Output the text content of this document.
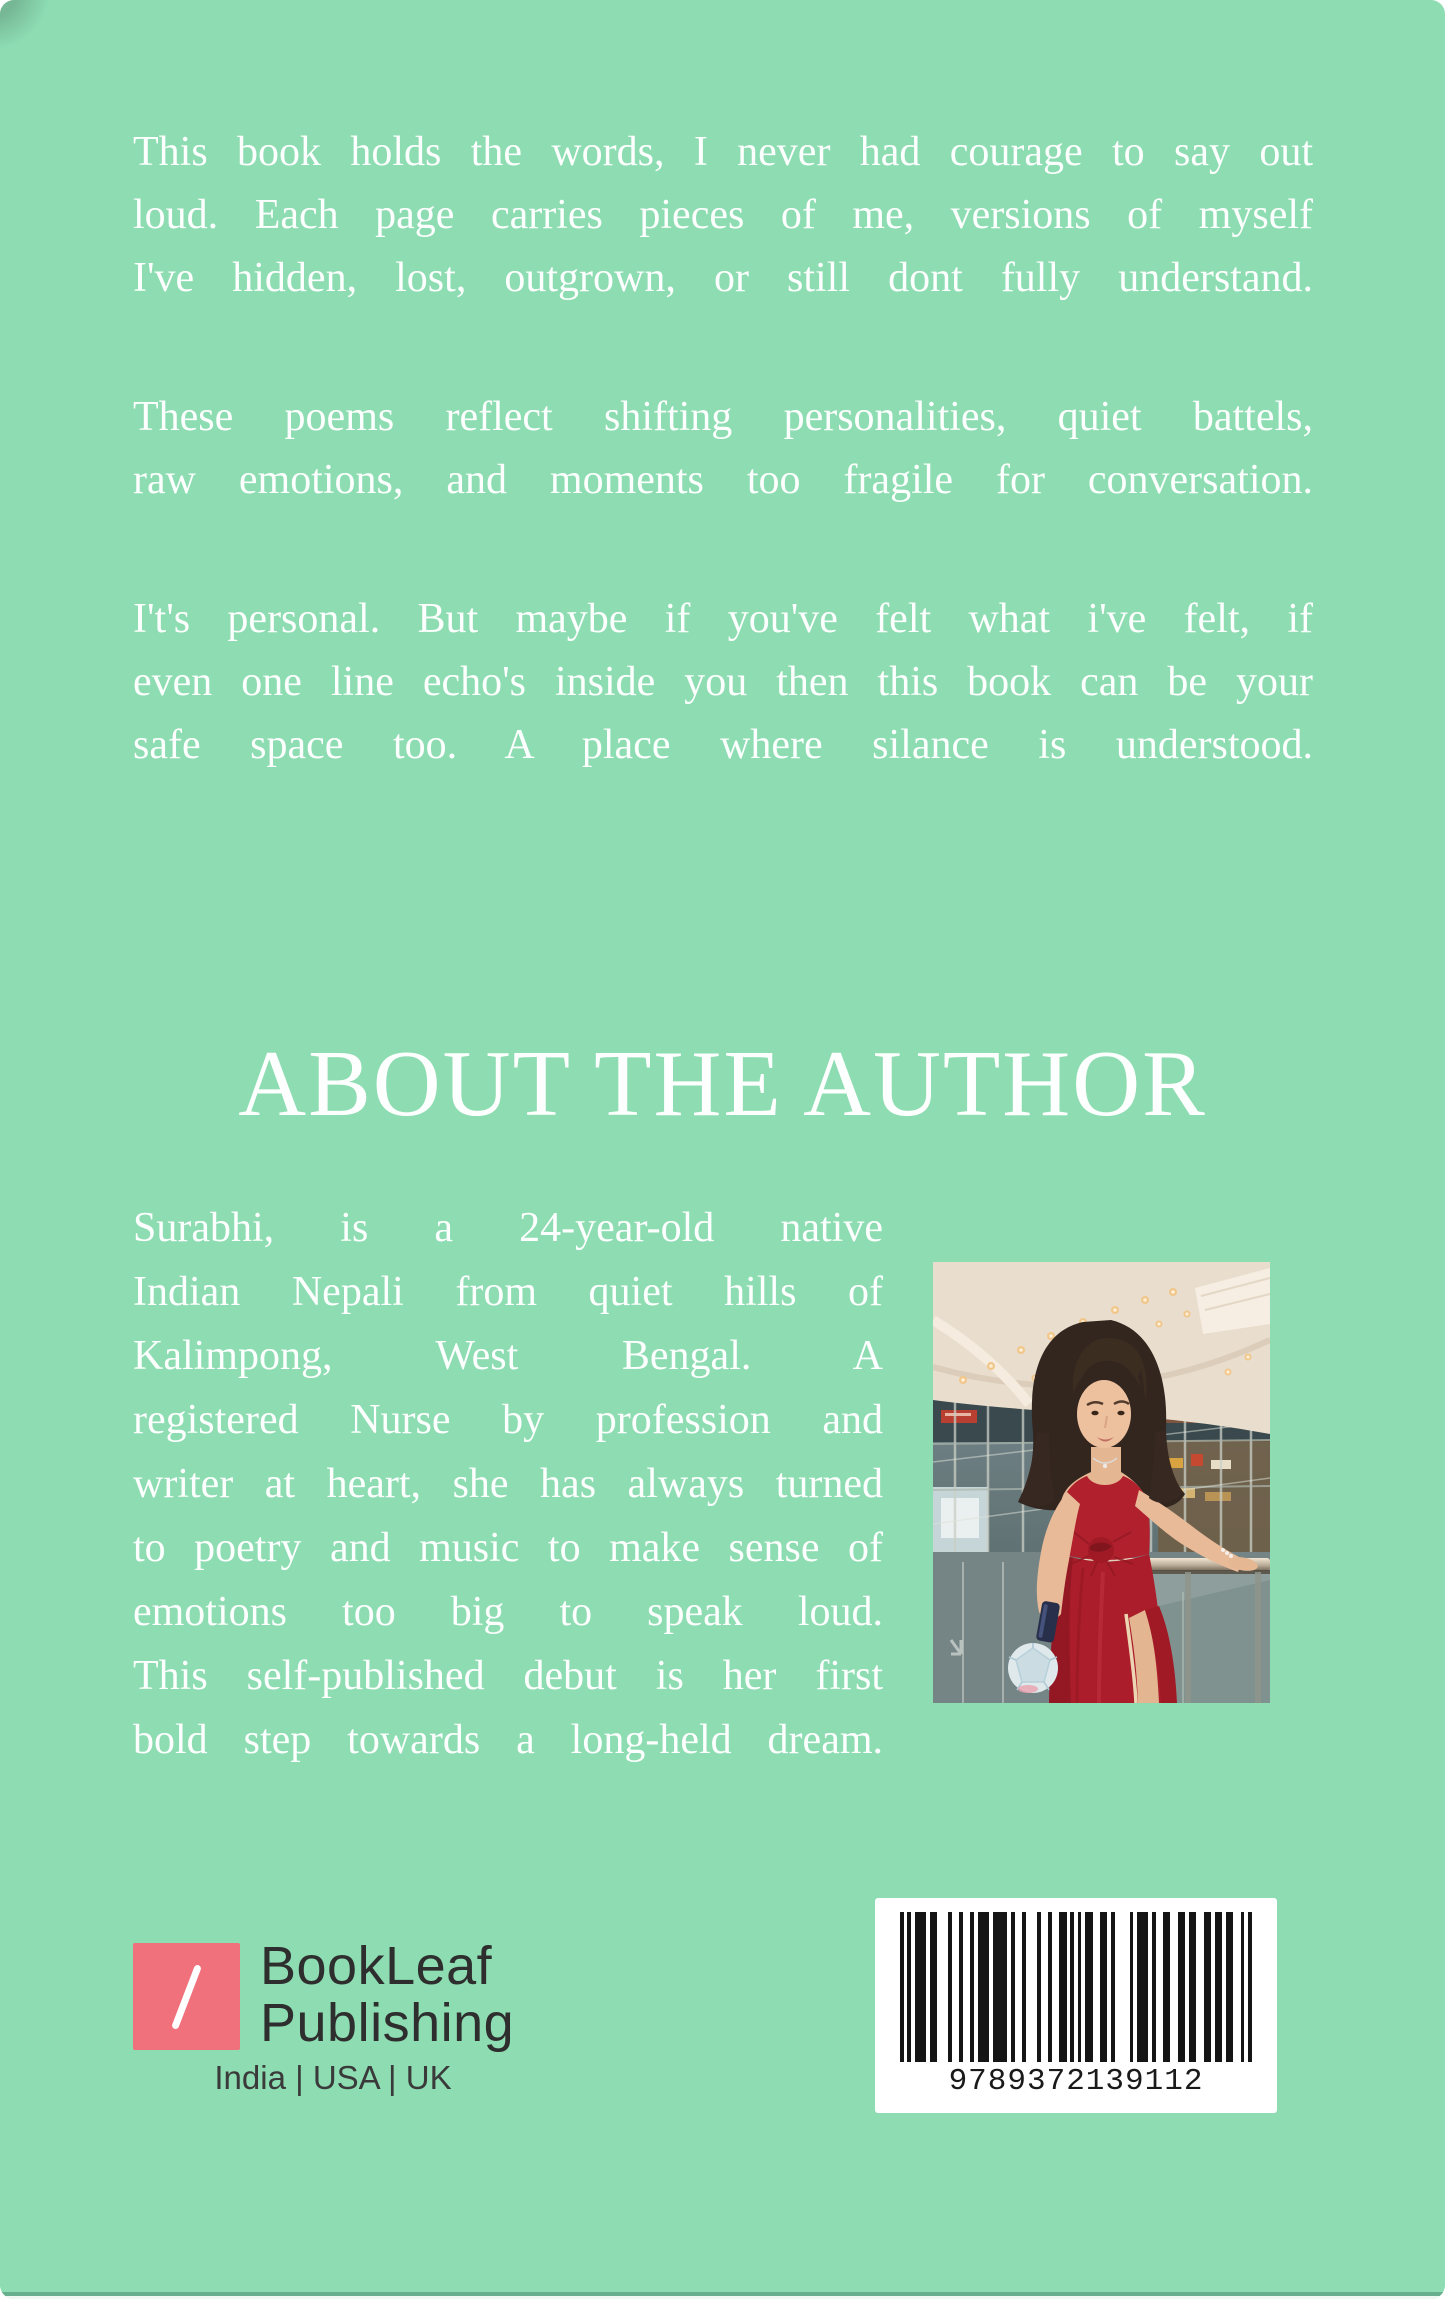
This book holds the words, I never had courage to say out
loud. Each page carries pieces of me, versions of myself
I've hidden, lost, outgrown, or still dont fully understand.
These poems reflect shifting personalities, quiet battels,
raw emotions, and moments too fragile for conversation.
I't's personal. But maybe if you've felt what i've felt, if
even one line echo's inside you then this book can be your
safe space too. A place where silance is understood.
ABOUT THE AUTHOR
Surabhi, is a 24-year-old native
Indian Nepali from quiet hills of
Kalimpong, West Bengal. A
registered Nurse by profession and
writer at heart, she has always turned
to poetry and music to make sense of
emotions too big to speak loud.
This self-published debut is her first
bold step towards a long-held dream.
BookLeaf
Publishing
India | USA | UK	9789372139112
